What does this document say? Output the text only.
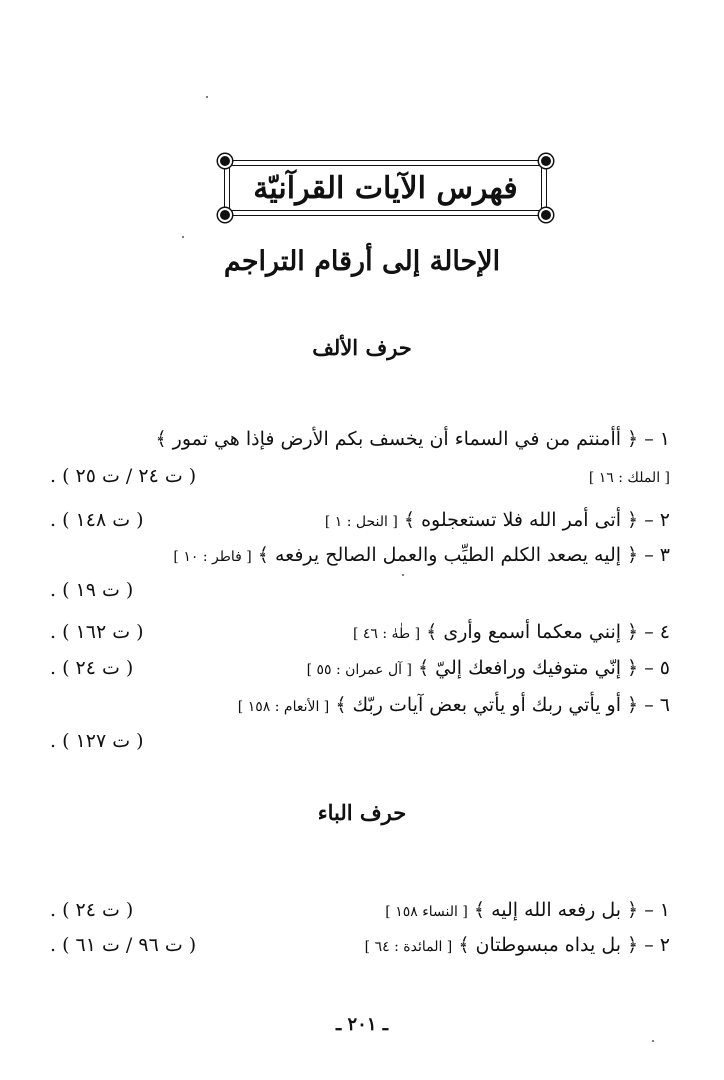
فهرس الآيات القرآنيّة
الإحالة إلى أرقام التراجم
حرف الألف
١ – ﴿ أأمنتم من في السماء أن يخسف بكم الأرض فإذا هي تمور ﴾
[ الملك : ١٦ ]
( ت ٢٤ / ت ٢٥ ) .
٢ – ﴿ أتى أمر الله فلا تستعجلوه ﴾ [ النحل : ١ ]
( ت ١٤٨ ) .
٣ – ﴿ إليه يصعد الكلم الطيِّب والعمل الصالح يرفعه ﴾ [ فاطر : ١٠ ]
( ت ١٩ ) .
٤ – ﴿ إنني معكما أسمع وأرى ﴾ [ طٰهٰ : ٤٦ ]
( ت ١٦٢ ) .
٥ – ﴿ إنّي متوفيك ورافعك إليّ ﴾ [ آل عمران : ٥٥ ]
( ت ٢٤ ) .
٦ – ﴿ أو يأتي ربك أو يأتي بعض آيات ربّك ﴾ [ الأنعام : ١٥٨ ]
( ت ١٢٧ ) .
حرف الباء
١ – ﴿ بل رفعه الله إليه ﴾ [ النساء ١٥٨ ]
( ت ٢٤ ) .
٢ – ﴿ بل يداه مبسوطتان ﴾ [ المائدة : ٦٤ ]
( ت ٩٦ / ت ٦١ ) .
ـ ٢٠١ ـ
